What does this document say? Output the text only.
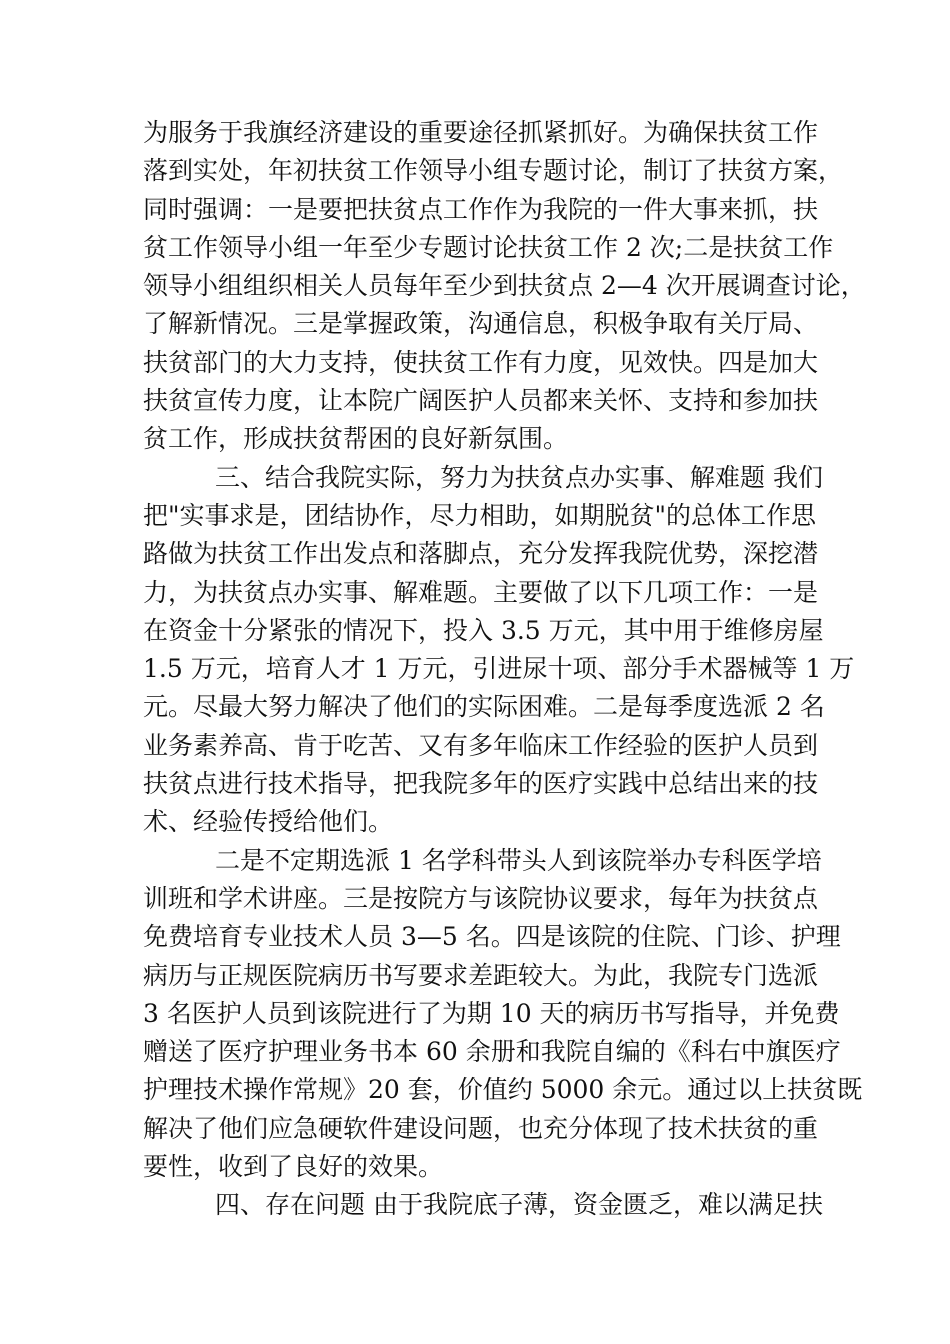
为服务于我旗经济建设的重要途径抓紧抓好。为确保扶贫工作
落到实处，年初扶贫工作领导小组专题讨论，制订了扶贫方案，
同时强调：一是要把扶贫点工作作为我院的一件大事来抓，扶
贫工作领导小组一年至少专题讨论扶贫工作 2 次;二是扶贫工作
领导小组组织相关人员每年至少到扶贫点 2—4 次开展调查讨论，
了解新情况。三是掌握政策，沟通信息，积极争取有关厅局、
扶贫部门的大力支持，使扶贫工作有力度，见效快。四是加大
扶贫宣传力度，让本院广阔医护人员都来关怀、支持和参加扶
贫工作，形成扶贫帮困的良好新氛围。
三、结合我院实际，努力为扶贫点办实事、解难题 我们
把"实事求是，团结协作，尽力相助，如期脱贫"的总体工作思
路做为扶贫工作出发点和落脚点，充分发挥我院优势，深挖潜
力，为扶贫点办实事、解难题。主要做了以下几项工作：一是
在资金十分紧张的情况下，投入 3.5 万元，其中用于维修房屋
1.5 万元，培育人才 1 万元，引进尿十项、部分手术器械等 1 万
元。尽最大努力解决了他们的实际困难。二是每季度选派 2 名
业务素养高、肯于吃苦、又有多年临床工作经验的医护人员到
扶贫点进行技术指导，把我院多年的医疗实践中总结出来的技
术、经验传授给他们。
二是不定期选派 1 名学科带头人到该院举办专科医学培
训班和学术讲座。三是按院方与该院协议要求，每年为扶贫点
免费培育专业技术人员 3—5 名。四是该院的住院、门诊、护理
病历与正规医院病历书写要求差距较大。为此，我院专门选派
3 名医护人员到该院进行了为期 10 天的病历书写指导，并免费
赠送了医疗护理业务书本 60 余册和我院自编的《科右中旗医疗
护理技术操作常规》20 套，价值约 5000 余元。通过以上扶贫既
解决了他们应急硬软件建设问题，也充分体现了技术扶贫的重
要性，收到了良好的效果。
四、存在问题 由于我院底子薄，资金匮乏，难以满足扶
